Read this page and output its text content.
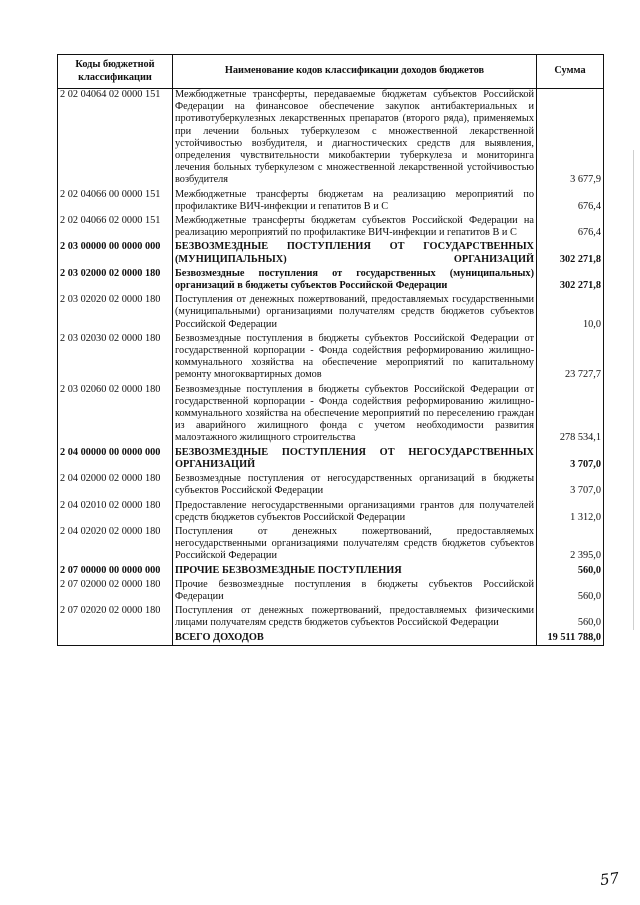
Коды бюджетной классификации	Наименование кодов классификации доходов бюджетов	Сумма
2 02 04064 02 0000 151	Межбюджетные трансферты, передаваемые бюджетам субъектов Российской Федерации на финансовое обеспечение закупок антибактериальных и противотуберкулезных лекарственных препаратов (второго ряда), применяемых при лечении больных туберкулезом с множественной лекарственной устойчивостью возбудителя, и диагностических средств для выявления, определения чувствительности микобактерии туберкулеза и мониторинга лечения больных туберкулезом с множественной лекарственной устойчивостью возбудителя	3 677,9
2 02 04066 00 0000 151	Межбюджетные трансферты бюджетам на реализацию мероприятий по профилактике ВИЧ-инфекции и гепатитов В и С	676,4
2 02 04066 02 0000 151	Межбюджетные трансферты бюджетам субъектов Российской Федерации на реализацию мероприятий по профилактике ВИЧ-инфекции и гепатитов В и С	676,4
2 03 00000 00 0000 000	БЕЗВОЗМЕЗДНЫЕ ПОСТУПЛЕНИЯ ОТ ГОСУДАРСТВЕННЫХ (МУНИЦИПАЛЬНЫХ) ОРГАНИЗАЦИЙ	302 271,8
2 03 02000 02 0000 180	Безвозмездные поступления от государственных (муниципальных) организаций в бюджеты субъектов Российской Федерации	302 271,8
2 03 02020 02 0000 180	Поступления от денежных пожертвований, предоставляемых государственными (муниципальными) организациями получателям средств бюджетов субъектов Российской Федерации	10,0
2 03 02030 02 0000 180	Безвозмездные поступления в бюджеты субъектов Российской Федерации от государственной корпорации - Фонда содействия реформированию жилищно-коммунального хозяйства на обеспечение мероприятий по капитальному ремонту многоквартирных домов	23 727,7
2 03 02060 02 0000 180	Безвозмездные поступления в бюджеты субъектов Российской Федерации от государственной корпорации - Фонда содействия реформированию жилищно-коммунального хозяйства на обеспечение мероприятий по переселению граждан из аварийного жилищного фонда с учетом необходимости развития малоэтажного жилищного строительства	278 534,1
2 04 00000 00 0000 000	БЕЗВОЗМЕЗДНЫЕ ПОСТУПЛЕНИЯ ОТ НЕГОСУДАРСТВЕННЫХ ОРГАНИЗАЦИЙ	3 707,0
2 04 02000 02 0000 180	Безвозмездные поступления от негосударственных организаций в бюджеты субъектов Российской Федерации	3 707,0
2 04 02010 02 0000 180	Предоставление негосударственными организациями грантов для получателей средств бюджетов субъектов Российской Федерации	1 312,0
2 04 02020 02 0000 180	Поступления от денежных пожертвований, предоставляемых негосударственными организациями получателям средств бюджетов субъектов Российской Федерации	2 395,0
2 07 00000 00 0000 000	ПРОЧИЕ БЕЗВОЗМЕЗДНЫЕ ПОСТУПЛЕНИЯ	560,0
2 07 02000 02 0000 180	Прочие безвозмездные поступления в бюджеты субъектов Российской Федерации	560,0
2 07 02020 02 0000 180	Поступления от денежных пожертвований, предоставляемых физическими лицами получателям средств бюджетов субъектов Российской Федерации	560,0
	ВСЕГО ДОХОДОВ	19 511 788,0
57
